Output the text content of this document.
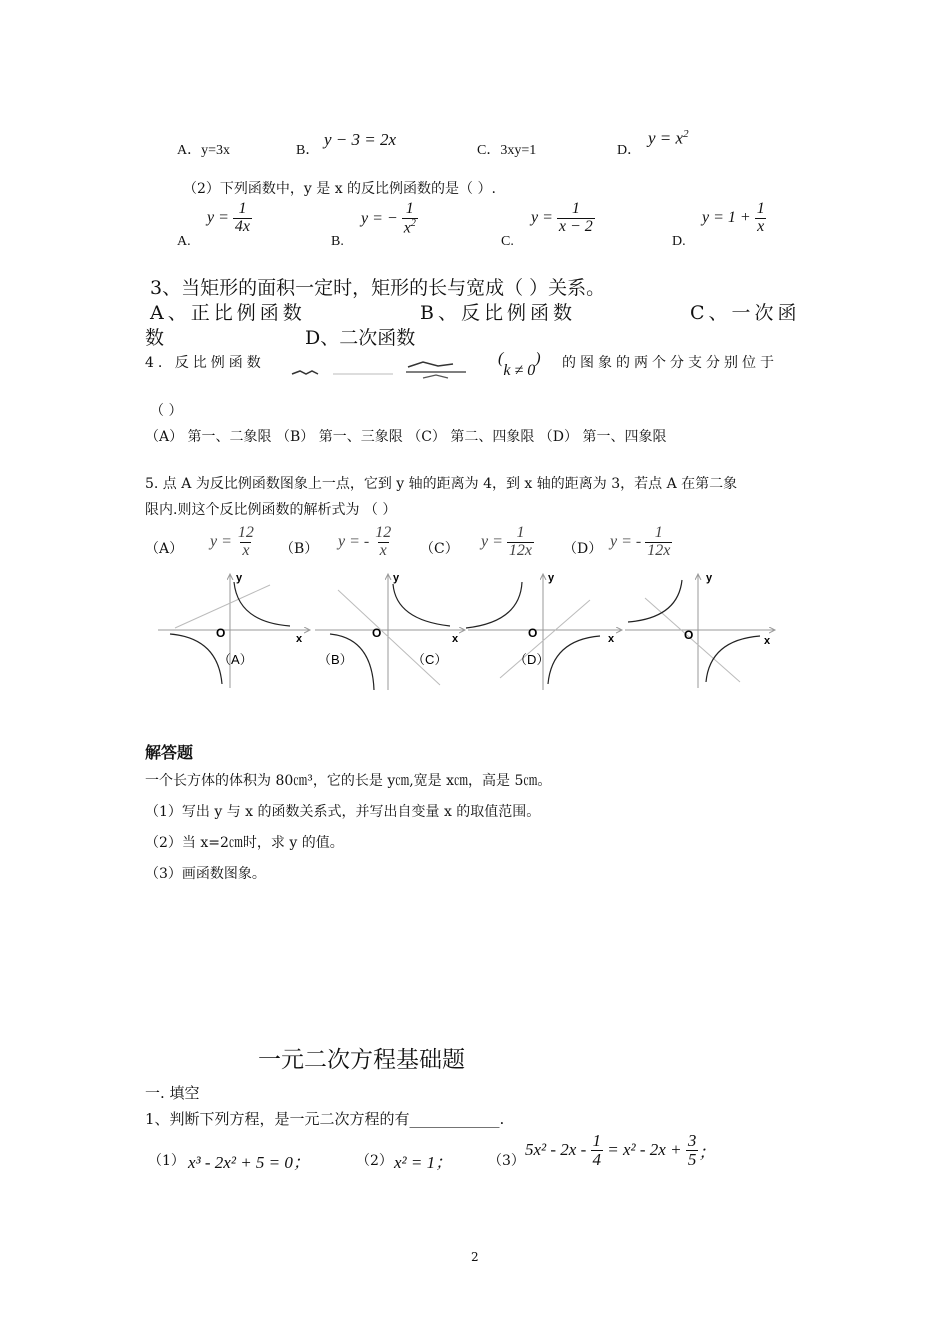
A．y=3x	B．
y − 3 = 2x
C．3xy=1	D．
$y = x^2$
（2）下列函数中，y 是 x 的反比例函数的是（ ）.
A.
y =
$\frac{1}{4x}$
B.
y = −
$\frac{1}{x^2}$
C.
y =
$\frac{1}{x - 2}$
D.
y = 1 +
$\frac{1}{x}$
3、当矩形的面积一定时，矩形的长与宽成（ ）关系。
A、正比例函数	B、反比例函数	C、一次函
数	D、二次函数
4. 反比例函数	(k ≠ 0) 的图象的两个分支分别位于
（ ）
（A） 第一、二象限 （B） 第一、三象限 （C） 第二、四象限 （D） 第一、四象限
5. 点 A 为反比例函数图象上一点，它到 y 轴的距离为 4，到 x 轴的距离为 3，若点 A 在第二象
限内.则这个反比例函数的解析式为 （ ）
（A） y =
$\frac{12}{x} (B) y$ = -
$\frac{12}{x} (C) y$ =
$\frac{1}{12x} (D) y$ = -
$\frac{1}{12x}$
y
x
O
（A）
y
x
O
（B）
y
x
O
（C）	（D）
y
x
O
解答题
一个长方体的体积为 80㎝³，它的长是 y㎝,宽是 x㎝，高是 5㎝。
（1）写出 y 与 x 的函数关系式，并写出自变量 x 的取值范围。
（2）当 x=2㎝时，求 y 的值。
（3）画函数图象。
一元二次方程基础题
一. 填空
1、判断下列方程，是一元二次方程的有____________.
（1） x³ - 2x² + 5 = 0；	（2） x² = 1；	（3）
5x² - 2x -
$\frac{1}{4}$
= x² - 2x +
$\frac{3}{5}$ ；
2
